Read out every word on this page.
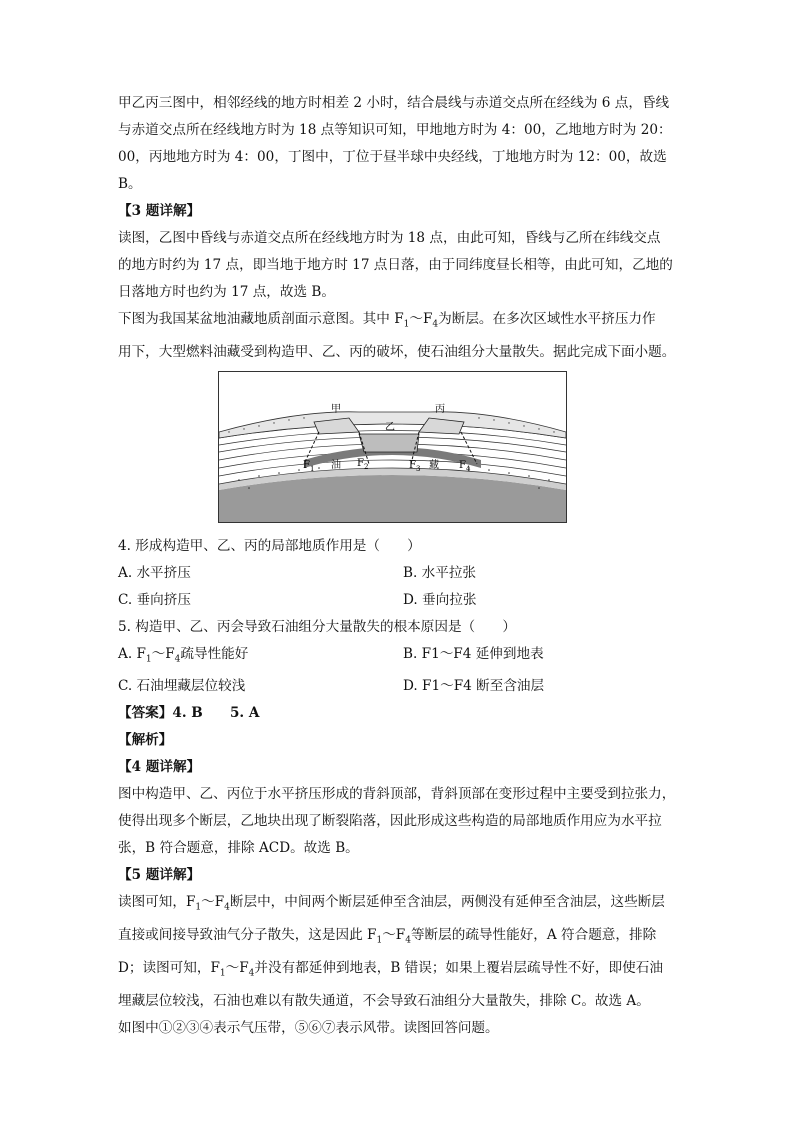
甲乙丙三图中，相邻经线的地方时相差 2 小时，结合晨线与赤道交点所在经线为 6 点，昏线

与赤道交点所在经线地方时为 18 点等知识可知，甲地地方时为 4：00，乙地地方时为 20：

00，丙地地方时为 4：00，丁图中，丁位于昼半球中央经线，丁地地方时为 12：00，故选

B。

【3 题详解】

读图，乙图中昏线与赤道交点所在经线地方时为 18 点，由此可知，昏线与乙所在纬线交点

的地方时约为 17 点，即当地于地方时 17 点日落，由于同纬度昼长相等，由此可知，乙地的

日落地方时也约为 17 点，故选 B。

下图为我国某盆地油藏地质剖面示意图。其中 $F_1\sim F_4$为断层。在多次区域性水平挤压力作

用下，大型燃料油藏受到构造甲、乙、丙的破坏，使石油组分大量散失。据此完成下面小题。

甲
乙
丙
F 1 油 F 2	F 3 藏 F 4

4. 形成构造甲、乙、丙的局部地质作用是（　　）

A. 水平挤压	B. 水平拉张
C. 垂向挤压	D. 垂向拉张

5. 构造甲、乙、丙会导致石油组分大量散失的根本原因是（　　）

A. $F_1\sim F_4$疏导性能好	B. F1～F4 延伸到地表
C. 石油埋藏层位较浅	D. F1～F4 断至含油层

【答案】4. B　　5. A

【解析】

【4 题详解】

图中构造甲、乙、丙位于水平挤压形成的背斜顶部，背斜顶部在变形过程中主要受到拉张力，

使得出现多个断层，乙地块出现了断裂陷落，因此形成这些构造的局部地质作用应为水平拉

张，B 符合题意，排除 ACD。故选 B。

【5 题详解】

读图可知，$F_1\sim F_4$断层中，中间两个断层延伸至含油层，两侧没有延伸至含油层，这些断层

直接或间接导致油气分子散失，这是因此 $F_1\sim F_4$等断层的疏导性能好，A 符合题意，排除

D；读图可知，$F_1\sim F_4$并没有都延伸到地表，B 错误；如果上覆岩层疏导性不好，即使石油

埋藏层位较浅，石油也难以有散失通道，不会导致石油组分大量散失，排除 C。故选 A。

如图中①②③④表示气压带，⑤⑥⑦表示风带。读图回答问题。
